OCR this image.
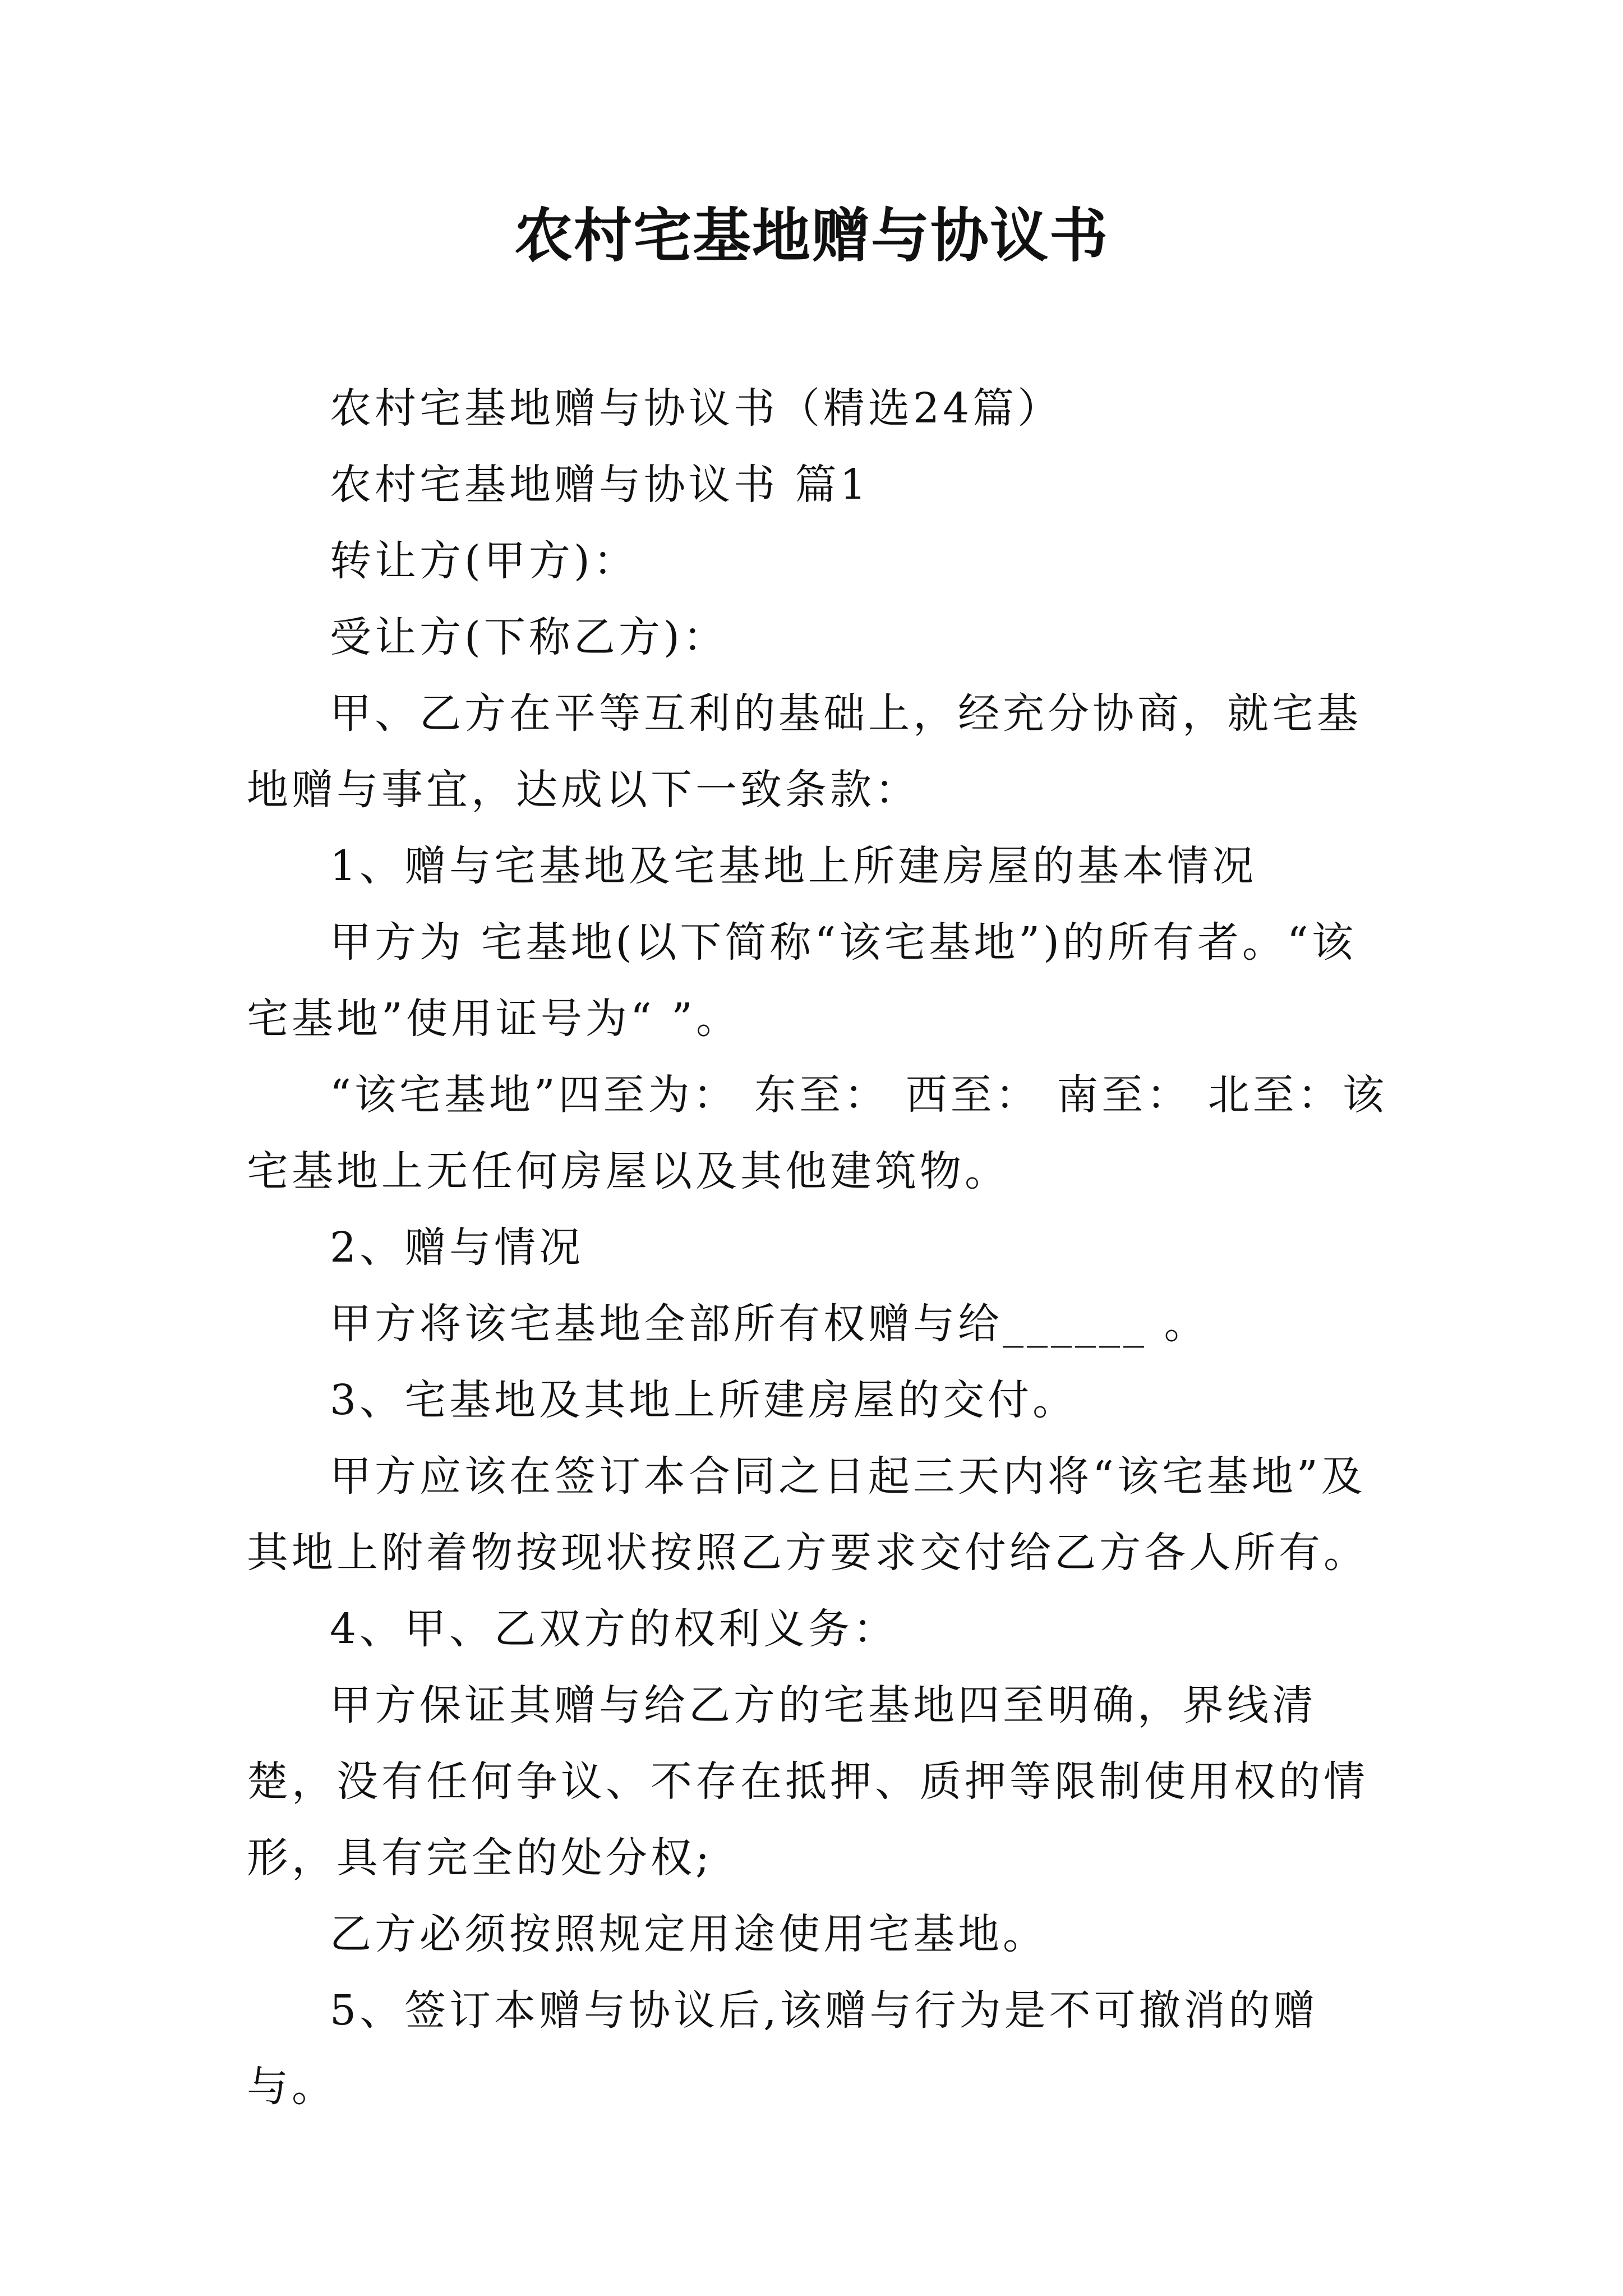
农村宅基地赠与协议书

农村宅基地赠与协议书（精选24篇）

农村宅基地赠与协议书 篇1

转让方(甲方)：

受让方(下称乙方)：

甲、乙方在平等互利的基础上，经充分协商，就宅基地赠与事宜，达成以下一致条款：

1、赠与宅基地及宅基地上所建房屋的基本情况

甲方为 宅基地(以下简称“该宅基地”)的所有者。“该宅基地”使用证号为“ ”。

“该宅基地”四至为： 东至： 西至： 南至： 北至：该宅基地上无任何房屋以及其他建筑物。

2、赠与情况

甲方将该宅基地全部所有权赠与给______ 。

3、宅基地及其地上所建房屋的交付。

甲方应该在签订本合同之日起三天内将“该宅基地”及其地上附着物按现状按照乙方要求交付给乙方各人所有。

4、甲、乙双方的权利义务：

甲方保证其赠与给乙方的宅基地四至明确，界线清楚，没有任何争议、不存在抵押、质押等限制使用权的情形，具有完全的处分权;

乙方必须按照规定用途使用宅基地。

5、签订本赠与协议后,该赠与行为是不可撤消的赠与。
